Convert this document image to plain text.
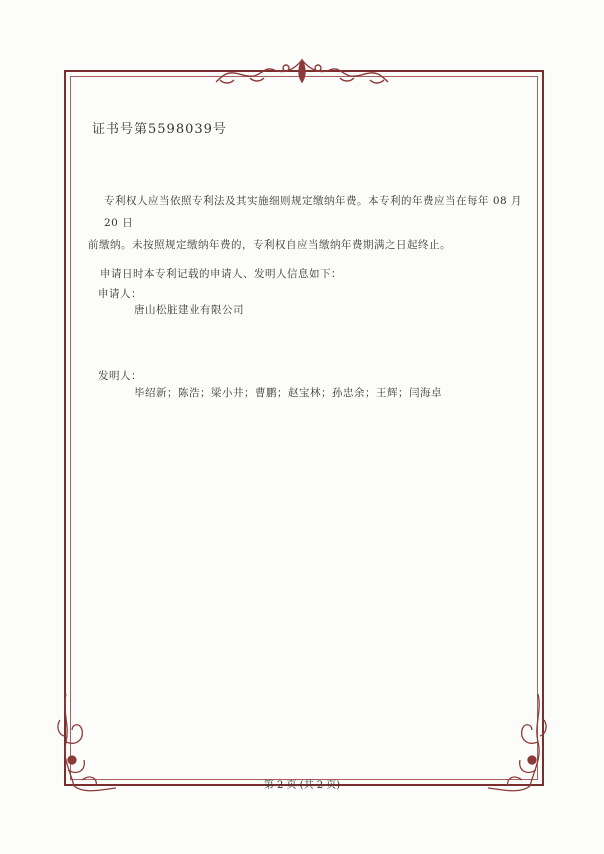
证书号第5598039号
专利权人应当依照专利法及其实施细则规定缴纳年费。本专利的年费应当在每年 08 月 20 日
前缴纳。未按照规定缴纳年费的，专利权自应当缴纳年费期满之日起终止。
申请日时本专利记载的申请人、发明人信息如下：
申请人：
唐山松脏建业有限公司
发明人：
毕绍新；陈浩；梁小井；曹鹏；赵宝林；孙忠余；王辉；闫海卓
第 2 页 (共 2 页)
